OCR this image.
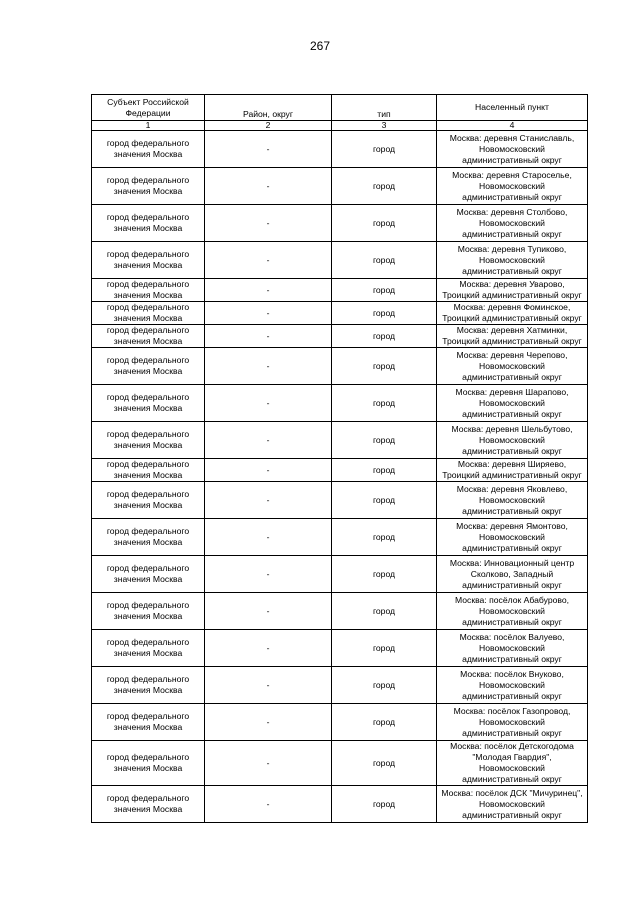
267
Субъект Российской Федерации	Район, округ	тип	Населенный пункт
1	2	3	4
город федерального значения Москва	-	город	Москва: деревня Станиславль, Новомосковский административный округ
город федерального значения Москва	-	город	Москва: деревня Староселье, Новомосковский административный округ
город федерального значения Москва	-	город	Москва: деревня Столбово, Новомосковский административный округ
город федерального значения Москва	-	город	Москва: деревня Тупиково, Новомосковский административный округ
город федерального значения Москва	-	город	Москва: деревня Уварово, Троицкий административный округ
город федерального значения Москва	-	город	Москва: деревня Фоминское, Троицкий административный округ
город федерального значения Москва	-	город	Москва: деревня Хатминки, Троицкий административный округ
город федерального значения Москва	-	город	Москва: деревня Черепово, Новомосковский административный округ
город федерального значения Москва	-	город	Москва: деревня Шарапово, Новомосковский административный округ
город федерального значения Москва	-	город	Москва: деревня Шельбутово, Новомосковский административный округ
город федерального значения Москва	-	город	Москва: деревня Ширяево, Троицкий административный округ
город федерального значения Москва	-	город	Москва: деревня Яковлево, Новомосковский административный округ
город федерального значения Москва	-	город	Москва: деревня Ямонтово, Новомосковский административный округ
город федерального значения Москва	-	город	Москва: Инновационный центр Сколково, Западный административный округ
город федерального значения Москва	-	город	Москва: посёлок Абабурово, Новомосковский административный округ
город федерального значения Москва	-	город	Москва: посёлок Валуево, Новомосковский административный округ
город федерального значения Москва	-	город	Москва: посёлок Внуково, Новомосковский административный округ
город федерального значения Москва	-	город	Москва: посёлок Газопровод, Новомосковский административный округ
город федерального значения Москва	-	город	Москва: посёлок Детскогодома "Молодая Гвардия", Новомосковский административный округ
город федерального значения Москва	-	город	Москва: посёлок ДСК "Мичуринец", Новомосковский административный округ
